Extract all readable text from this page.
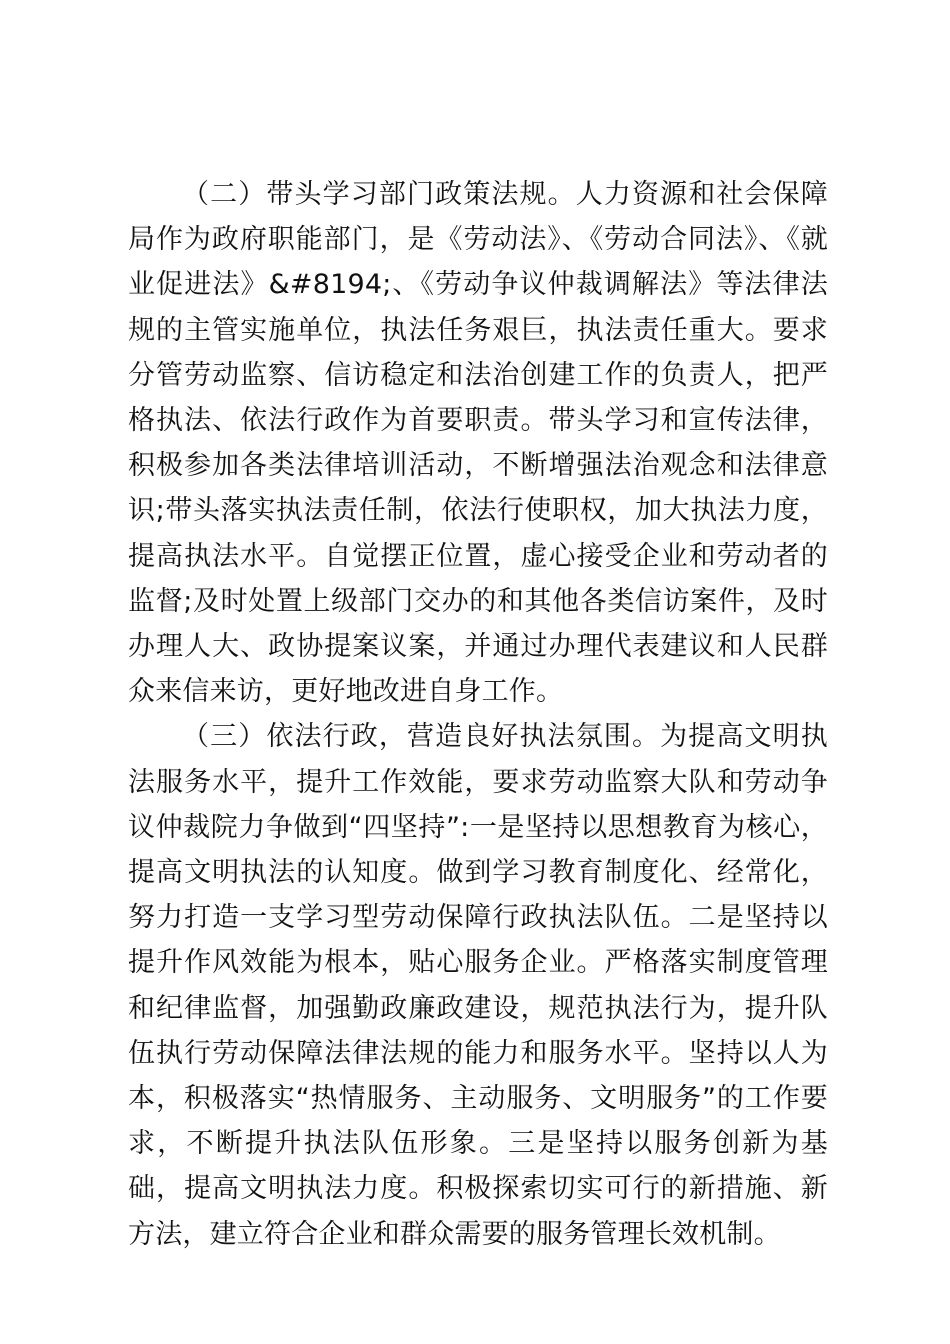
（二）带头学习部门政策法规。人力资源和社会保障局作为政府职能部门，是《劳动法》、《劳动合同法》、《就业促进法》&#8194;、《劳动争议仲裁调解法》等法律法规的主管实施单位，执法任务艰巨，执法责任重大。要求分管劳动监察、信访稳定和法治创建工作的负责人，把严格执法、依法行政作为首要职责。带头学习和宣传法律，积极参加各类法律培训活动，不断增强法治观念和法律意识;带头落实执法责任制，依法行使职权，加大执法力度，提高执法水平。自觉摆正位置，虚心接受企业和劳动者的监督;及时处置上级部门交办的和其他各类信访案件，及时办理人大、政协提案议案，并通过办理代表建议和人民群众来信来访，更好地改进自身工作。

（三）依法行政，营造良好执法氛围。为提高文明执法服务水平，提升工作效能，要求劳动监察大队和劳动争议仲裁院力争做到“四坚持”:一是坚持以思想教育为核心，提高文明执法的认知度。做到学习教育制度化、经常化，努力打造一支学习型劳动保障行政执法队伍。二是坚持以提升作风效能为根本，贴心服务企业。严格落实制度管理和纪律监督，加强勤政廉政建设，规范执法行为，提升队伍执行劳动保障法律法规的能力和服务水平。坚持以人为本，积极落实“热情服务、主动服务、文明服务”的工作要求，不断提升执法队伍形象。三是坚持以服务创新为基础，提高文明执法力度。积极探索切实可行的新措施、新方法，建立符合企业和群众需要的服务管理长效机制。
